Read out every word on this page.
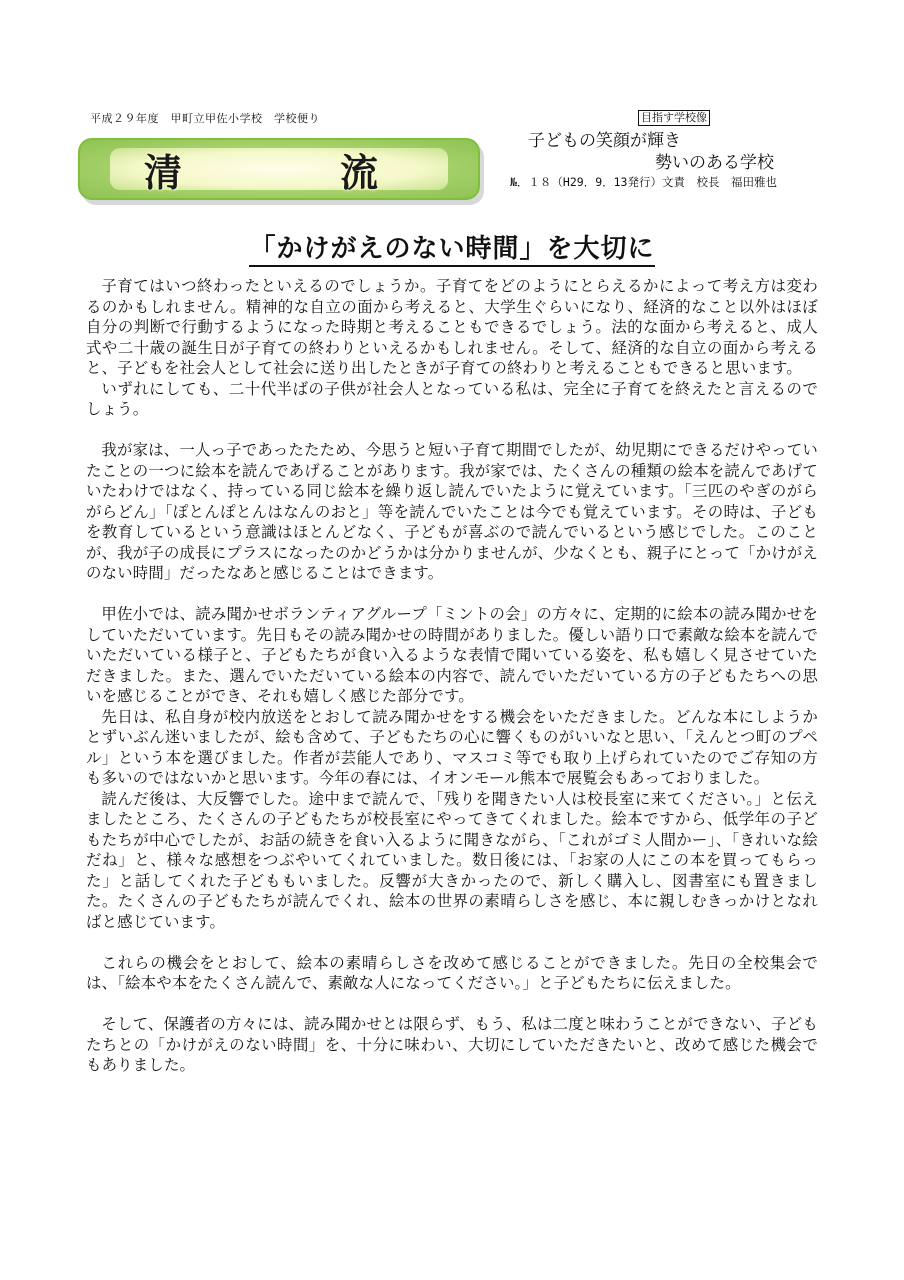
平成２９年度　甲町立甲佐小学校　学校便り
清	流
目指す学校像
子どもの笑顔が輝き
勢いのある学校
№．１８（H29．9．13発行）文責　校長　福田雅也
「かけがえのない時間」を大切に

子育てはいつ終わったといえるのでしょうか。子育てをどのようにとらえるかによって考え方は変わるのかもしれません。精神的な自立の面から考えると、大学生ぐらいになり、経済的なこと以外はほぼ自分の判断で行動するようになった時期と考えることもできるでしょう。法的な面から考えると、成人式や二十歳の誕生日が子育ての終わりといえるかもしれません。そして、経済的な自立の面から考えると、子どもを社会人として社会に送り出したときが子育ての終わりと考えることもできると思います。

いずれにしても、二十代半ばの子供が社会人となっている私は、完全に子育てを終えたと言えるのでしょう。

我が家は、一人っ子であったたため、今思うと短い子育て期間でしたが、幼児期にできるだけやっていたことの一つに絵本を読んであげることがあります。我が家では、たくさんの種類の絵本を読んであげていたわけではなく、持っている同じ絵本を繰り返し読んでいたように覚えています。「三匹のやぎのがらがらどん」「ぽとんぽとんはなんのおと」等を読んでいたことは今でも覚えています。その時は、子どもを教育しているという意識はほとんどなく、子どもが喜ぶので読んでいるという感じでした。このことが、我が子の成長にプラスになったのかどうかは分かりませんが、少なくとも、親子にとって「かけがえのない時間」だったなあと感じることはできます。

甲佐小では、読み聞かせボランティアグループ「ミントの会」の方々に、定期的に絵本の読み聞かせをしていただいています。先日もその読み聞かせの時間がありました。優しい語り口で素敵な絵本を読んでいただいている様子と、子どもたちが食い入るような表情で聞いている姿を、私も嬉しく見させていただきました。また、選んでいただいている絵本の内容で、読んでいただいている方の子どもたちへの思いを感じることができ、それも嬉しく感じた部分です。

先日は、私自身が校内放送をとおして読み聞かせをする機会をいただきました。どんな本にしようかとずいぶん迷いましたが、絵も含めて、子どもたちの心に響くものがいいなと思い、「えんとつ町のプペル」という本を選びました。作者が芸能人であり、マスコミ等でも取り上げられていたのでご存知の方も多いのではないかと思います。今年の春には、イオンモール熊本で展覧会もあっておりました。

読んだ後は、大反響でした。途中まで読んで、「残りを聞きたい人は校長室に来てください。」と伝えましたところ、たくさんの子どもたちが校長室にやってきてくれました。絵本ですから、低学年の子どもたちが中心でしたが、お話の続きを食い入るように聞きながら、「これがゴミ人間かー」、「きれいな絵だね」と、様々な感想をつぶやいてくれていました。数日後には、「お家の人にこの本を買ってもらった」と話してくれた子どももいました。反響が大きかったので、新しく購入し、図書室にも置きました。たくさんの子どもたちが読んでくれ、絵本の世界の素晴らしさを感じ、本に親しむきっかけとなればと感じています。

これらの機会をとおして、絵本の素晴らしさを改めて感じることができました。先日の全校集会では、「絵本や本をたくさん読んで、素敵な人になってください。」と子どもたちに伝えました。

そして、保護者の方々には、読み聞かせとは限らず、もう、私は二度と味わうことができない、子どもたちとの「かけがえのない時間」を、十分に味わい、大切にしていただきたいと、改めて感じた機会でもありました。
